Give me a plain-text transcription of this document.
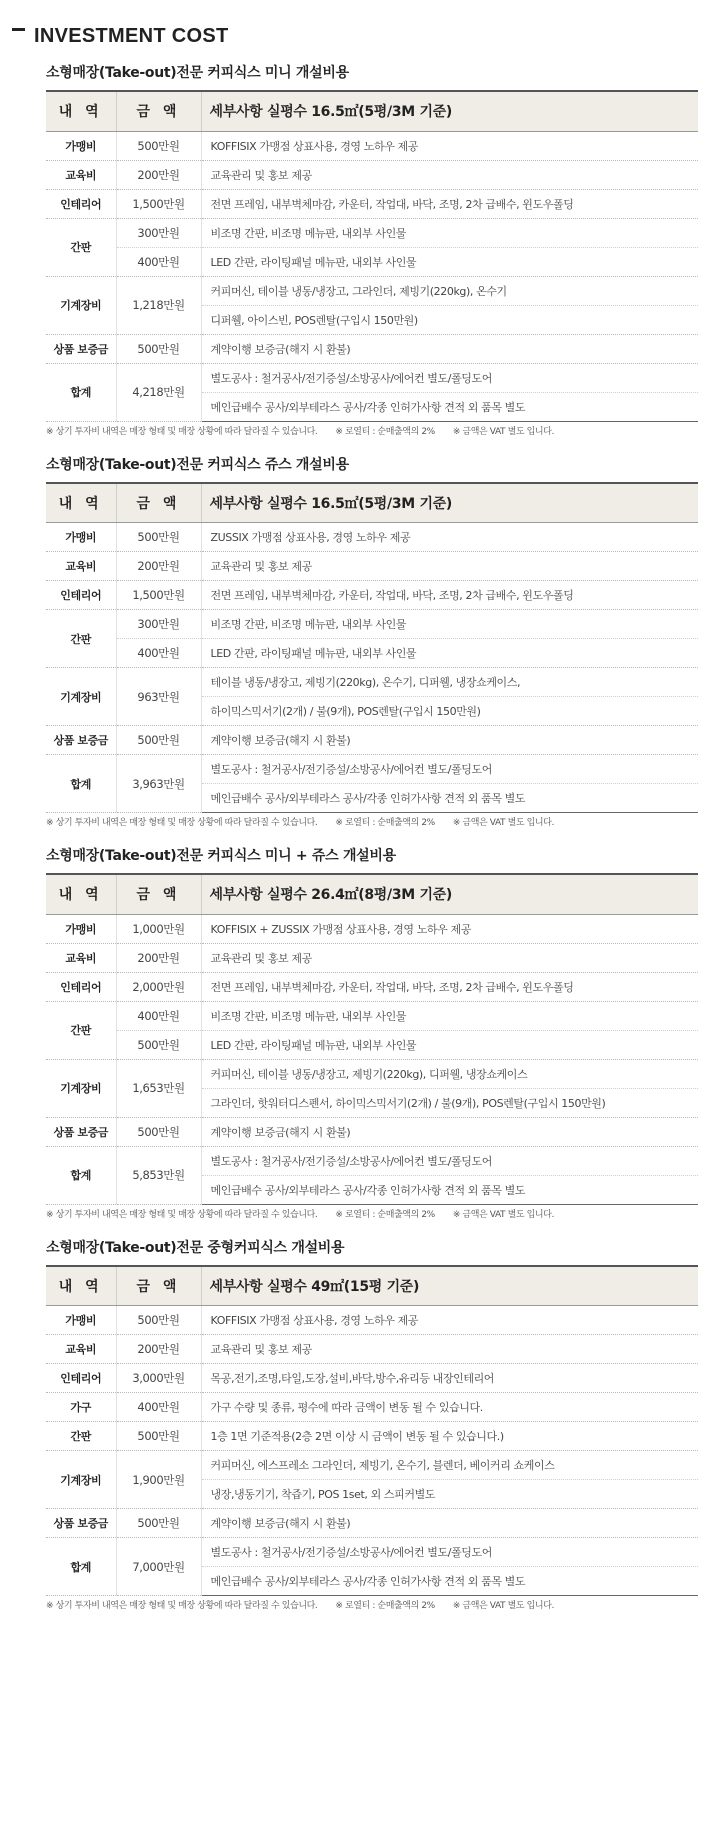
INVESTMENT COST
소형매장(Take-out)전문 커피식스 미니 개설비용
내 역	금 액	세부사항 실평수 16.5㎡(5평/3M 기준)
가맹비	500만원	KOFFISIX 가맹점 상표사용, 경영 노하우 제공
교육비	200만원	교육관리 및 홍보 제공
인테리어	1,500만원	전면 프레임, 내부벽체마감, 카운터, 작업대, 바닥, 조명, 2차 급배수, 윈도우폴딩
간판	300만원	비조명 간판, 비조명 메뉴판, 내외부 사인물
	400만원	LED 간판, 라이팅패널 메뉴판, 내외부 사인물
기계장비	1,218만원	커피머신, 테이블 냉동/냉장고, 그라인더, 제빙기(220kg), 온수기
		디퍼웰, 아이스빈, POS렌탈(구입시 150만원)
상품 보증금	500만원	계약이행 보증금(해지 시 환불)
합계	4,218만원	별도공사 : 철거공사/전기증설/소방공사/에어컨 별도/폴딩도어
		메인급배수 공사/외부테라스 공사/각종 인허가사항 견적 외 품목 별도
※ 상기 투자비 내역은 매장 형태 및 매장 상황에 따라 달라질 수 있습니다. ※ 로열티 : 순매출액의 2% ※ 금액은 VAT 별도 입니다.
소형매장(Take-out)전문 커피식스 쥬스 개설비용
내 역	금 액	세부사항 실평수 16.5㎡(5평/3M 기준)
가맹비	500만원	ZUSSIX 가맹점 상표사용, 경영 노하우 제공
교육비	200만원	교육관리 및 홍보 제공
인테리어	1,500만원	전면 프레임, 내부벽체마감, 카운터, 작업대, 바닥, 조명, 2차 급배수, 윈도우폴딩
간판	300만원	비조명 간판, 비조명 메뉴판, 내외부 사인물
	400만원	LED 간판, 라이팅패널 메뉴판, 내외부 사인물
기계장비	963만원	테이블 냉동/냉장고, 제빙기(220kg), 온수기, 디퍼웰, 냉장쇼케이스,
		하이믹스믹서기(2개) / 불(9개), POS렌탈(구입시 150만원)
상품 보증금	500만원	계약이행 보증금(해지 시 환불)
합계	3,963만원	별도공사 : 철거공사/전기증설/소방공사/에어컨 별도/폴딩도어
		메인급배수 공사/외부테라스 공사/각종 인허가사항 견적 외 품목 별도
※ 상기 투자비 내역은 매장 형태 및 매장 상황에 따라 달라질 수 있습니다. ※ 로열티 : 순매출액의 2% ※ 금액은 VAT 별도 입니다.
소형매장(Take-out)전문 커피식스 미니 + 쥬스 개설비용
내 역	금 액	세부사항 실평수 26.4㎡(8평/3M 기준)
가맹비	1,000만원	KOFFISIX + ZUSSIX 가맹점 상표사용, 경영 노하우 제공
교육비	200만원	교육관리 및 홍보 제공
인테리어	2,000만원	전면 프레임, 내부벽체마감, 카운터, 작업대, 바닥, 조명, 2차 급배수, 윈도우폴딩
간판	400만원	비조명 간판, 비조명 메뉴판, 내외부 사인물
	500만원	LED 간판, 라이팅패널 메뉴판, 내외부 사인물
기계장비	1,653만원	커피머신, 테이블 냉동/냉장고, 제빙기(220kg), 디퍼웰, 냉장쇼케이스
		그라인더, 핫워터디스펜서, 하이믹스믹서기(2개) / 불(9개), POS렌탈(구입시 150만원)
상품 보증금	500만원	계약이행 보증금(해지 시 환불)
합계	5,853만원	별도공사 : 철거공사/전기증설/소방공사/에어컨 별도/폴딩도어
		메인급배수 공사/외부테라스 공사/각종 인허가사항 견적 외 품목 별도
※ 상기 투자비 내역은 매장 형태 및 매장 상황에 따라 달라질 수 있습니다. ※ 로열티 : 순매출액의 2% ※ 금액은 VAT 별도 입니다.
소형매장(Take-out)전문 중형커피식스 개설비용
내 역	금 액	세부사항 실평수 49㎡(15평 기준)
가맹비	500만원	KOFFISIX 가맹점 상표사용, 경영 노하우 제공
교육비	200만원	교육관리 및 홍보 제공
인테리어	3,000만원	목공,전기,조명,타일,도장,설비,바닥,방수,유리등 내장인테리어
가구	400만원	가구 수량 및 종류, 평수에 따라 금액이 변동 될 수 있습니다.
간판	500만원	1층 1면 기준적용(2층 2면 이상 시 금액이 변동 될 수 있습니다.)
기계장비	1,900만원	커피머신, 에스프레소 그라인더, 제빙기, 온수기, 블렌더, 베이커리 쇼케이스
		냉장,냉동기기, 착즙기, POS 1set, 외 스피커별도
상품 보증금	500만원	계약이행 보증금(해지 시 환불)
합계	7,000만원	별도공사 : 철거공사/전기증설/소방공사/에어컨 별도/폴딩도어
		메인급배수 공사/외부테라스 공사/각종 인허가사항 견적 외 품목 별도
※ 상기 투자비 내역은 매장 형태 및 매장 상황에 따라 달라질 수 있습니다. ※ 로열티 : 순매출액의 2% ※ 금액은 VAT 별도 입니다.
